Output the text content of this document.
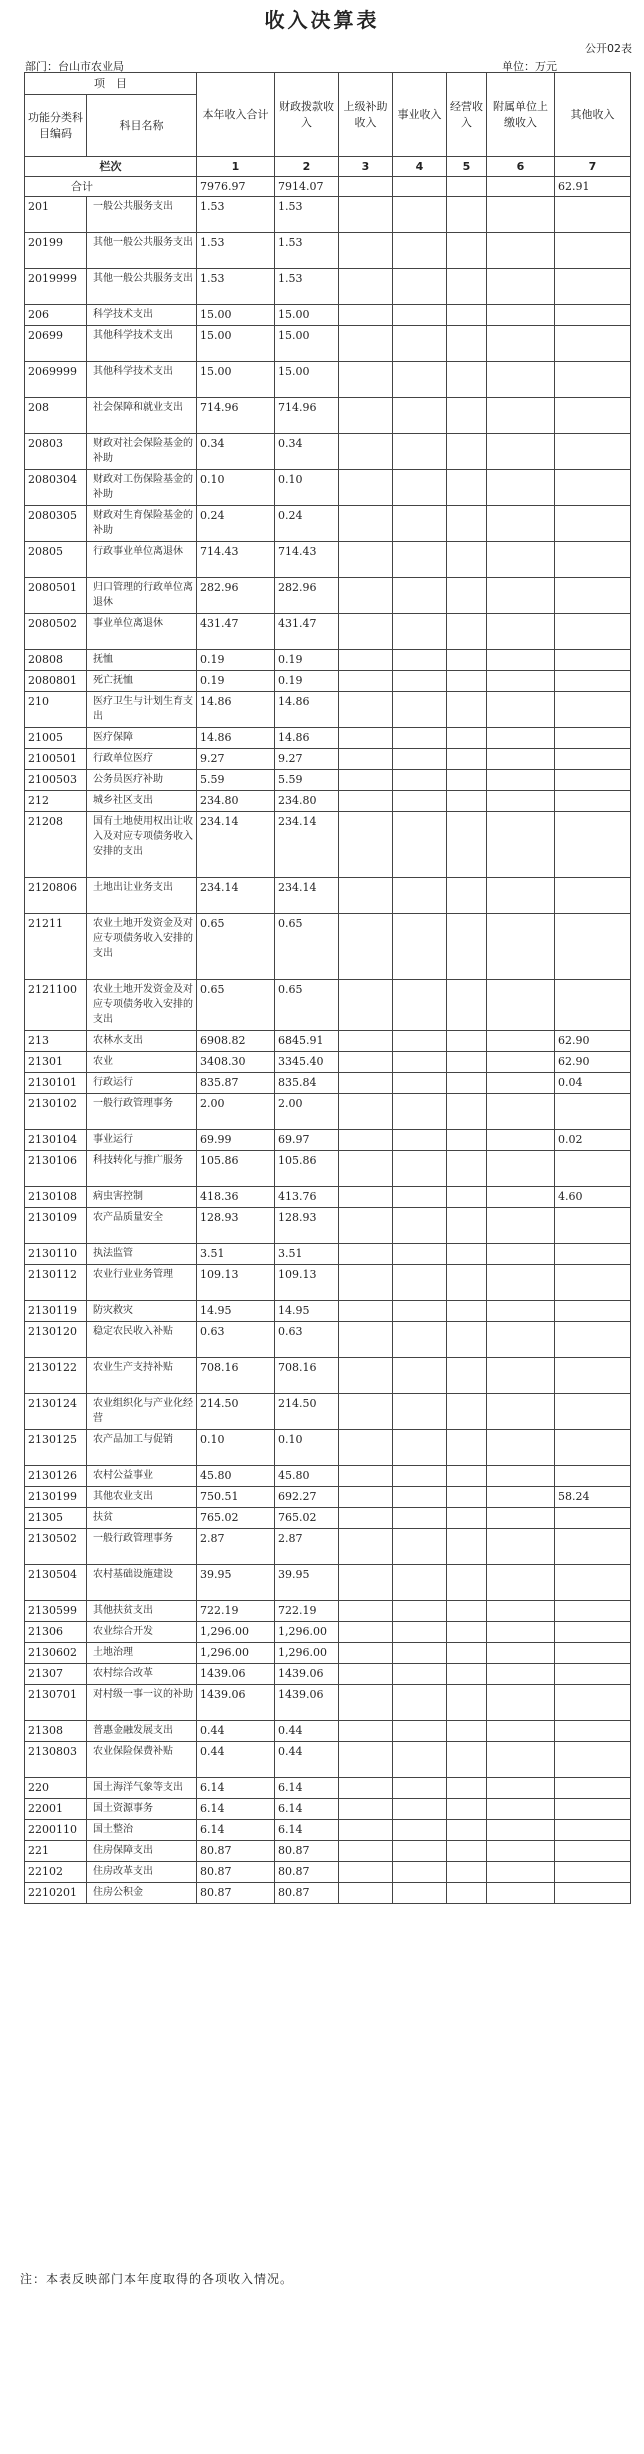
收入决算表
公开02表
部门：台山市农业局	单位：万元
项　目		本年收入合计	财政拨款收入	上级补助收入	事业收入	经营收入	附属单位上缴收入	其他收入
功能分类科目编码	科目名称							
栏次		1	2	3	4	5	6	7
合计		7976.97	7914.07					62.91
201	一般公共服务支出	1.53	1.53					
20199	其他一般公共服务支出	1.53	1.53					
2019999	其他一般公共服务支出	1.53	1.53					
206	科学技术支出	15.00	15.00					
20699	其他科学技术支出	15.00	15.00					
2069999	其他科学技术支出	15.00	15.00					
208	社会保障和就业支出	714.96	714.96					
20803	财政对社会保险基金的补助	0.34	0.34					
2080304	财政对工伤保险基金的补助	0.10	0.10					
2080305	财政对生育保险基金的补助	0.24	0.24					
20805	行政事业单位离退休	714.43	714.43					
2080501	归口管理的行政单位离退休	282.96	282.96					
2080502	事业单位离退休	431.47	431.47					
20808	抚恤	0.19	0.19					
2080801	死亡抚恤	0.19	0.19					
210	医疗卫生与计划生育支出	14.86	14.86					
21005	医疗保障	14.86	14.86					
2100501	行政单位医疗	9.27	9.27					
2100503	公务员医疗补助	5.59	5.59					
212	城乡社区支出	234.80	234.80					
21208	国有土地使用权出让收入及对应专项债务收入安排的支出	234.14	234.14					
2120806	土地出让业务支出	234.14	234.14					
21211	农业土地开发资金及对应专项债务收入安排的支出	0.65	0.65					
2121100	农业土地开发资金及对应专项债务收入安排的支出	0.65	0.65					
213	农林水支出	6908.82	6845.91					62.90
21301	农业	3408.30	3345.40					62.90
2130101	行政运行	835.87	835.84					0.04
2130102	一般行政管理事务	2.00	2.00					
2130104	事业运行	69.99	69.97					0.02
2130106	科技转化与推广服务	105.86	105.86					
2130108	病虫害控制	418.36	413.76					4.60
2130109	农产品质量安全	128.93	128.93					
2130110	执法监管	3.51	3.51					
2130112	农业行业业务管理	109.13	109.13					
2130119	防灾救灾	14.95	14.95					
2130120	稳定农民收入补贴	0.63	0.63					
2130122	农业生产支持补贴	708.16	708.16					
2130124	农业组织化与产业化经营	214.50	214.50					
2130125	农产品加工与促销	0.10	0.10					
2130126	农村公益事业	45.80	45.80					
2130199	其他农业支出	750.51	692.27					58.24
21305	扶贫	765.02	765.02					
2130502	一般行政管理事务	2.87	2.87					
2130504	农村基础设施建设	39.95	39.95					
2130599	其他扶贫支出	722.19	722.19					
21306	农业综合开发	1,296.00	1,296.00					
2130602	土地治理	1,296.00	1,296.00					
21307	农村综合改革	1439.06	1439.06					
2130701	对村级一事一议的补助	1439.06	1439.06					
21308	普惠金融发展支出	0.44	0.44					
2130803	农业保险保费补贴	0.44	0.44					
220	国土海洋气象等支出	6.14	6.14					
22001	国土资源事务	6.14	6.14					
2200110	国土整治	6.14	6.14					
221	住房保障支出	80.87	80.87					
22102	住房改革支出	80.87	80.87					
2210201	住房公积金	80.87	80.87					
注：本表反映部门本年度取得的各项收入情况。
